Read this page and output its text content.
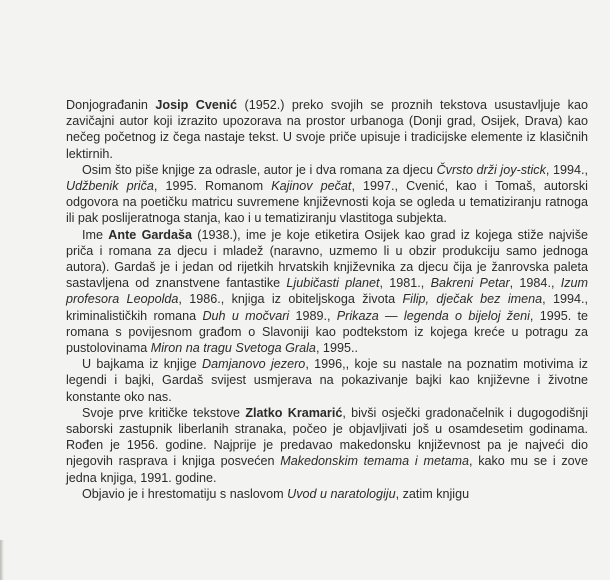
Donjograđanin Josip Cvenić (1952.) preko svojih se proznih tekstova usustavljuje kao zavičajni autor koji izrazito upozorava na prostor urbanoga (Donji grad, Osijek, Drava) kao nečeg početnog iz čega nastaje tekst. U svoje priče upisuje i tradicijske elemente iz klasičnih lektirnih.

Osim što piše knjige za odrasle, autor je i dva romana za djecu Čvrsto drži joy-stick, 1994., Udžbenik priča, 1995. Romanom Kajinov pečat, 1997., Cvenić, kao i Tomaš, autorski odgovora na poetičku matricu suvremene književnosti koja se ogleda u tematiziranju ratnoga ili pak poslijeratnoga stanja, kao i u tematiziranju vlastitoga subjekta.

Ime Ante Gardaša (1938.), ime je koje etiketira Osijek kao grad iz kojega stiže najviše priča i romana za djecu i mladež (naravno, uzmemo li u obzir produkciju samo jednoga autora). Gardaš je i jedan od rijetkih hrvatskih književnika za djecu čija je žanrovska paleta sastavljena od znanstvene fantastike Ljubičasti planet, 1981., Bakreni Petar, 1984., Izum profesora Leopolda, 1986., knjiga iz obiteljskoga života Filip, dječak bez imena, 1994., kriminalističkih romana Duh u močvari 1989., Prikaza — legenda o bijeloj ženi, 1995. te romana s povijesnom građom o Slavoniji kao podtekstom iz kojega kreće u potragu za pustolovinama Miron na tragu Svetoga Grala, 1995..

U bajkama iz knjige Damjanovo jezero, 1996,, koje su nastale na poznatim motivima iz legendi i bajki, Gardaš svijest usmjerava na pokazivanje bajki kao književne i životne konstante oko nas.

Svoje prve kritičke tekstove Zlatko Kramarić, bivši osječki gradonačelnik i dugogodišnji saborski zastupnik liberlanih stranaka, počeo je objavljivati još u osamdesetim godinama. Rođen je 1956. godine. Najprije je predavao makedonsku književnost pa je najveći dio njegovih rasprava i knjiga posvećen Makedonskim temama i metama, kako mu se i zove jedna knjiga, 1991. godine.

Objavio je i hrestomatiju s naslovom Uvod u naratologiju, zatim knjigu
